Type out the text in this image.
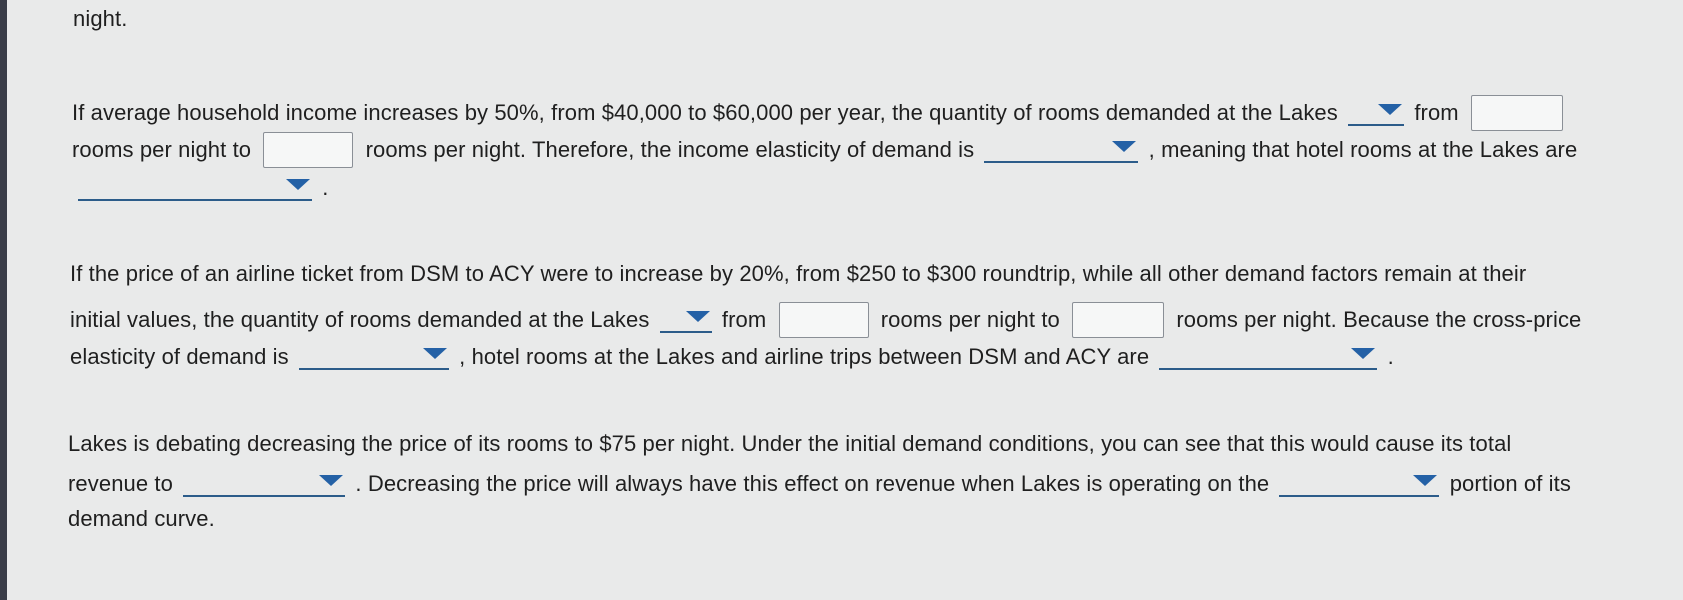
night.
If average household income increases by 50%, from $40,000 to $60,000 per year, the quantity of rooms demanded at the Lakes	from
rooms per night to	rooms per night. Therefore, the income elasticity of demand is	, meaning that hotel rooms at the Lakes are
.
If the price of an airline ticket from DSM to ACY were to increase by 20%, from $250 to $300 roundtrip, while all other demand factors remain at their
initial values, the quantity of rooms demanded at the Lakes	from	rooms per night to	rooms per night. Because the cross-price
elasticity of demand is	, hotel rooms at the Lakes and airline trips between DSM and ACY are	.
Lakes is debating decreasing the price of its rooms to $75 per night. Under the initial demand conditions, you can see that this would cause its total
revenue to	. Decreasing the price will always have this effect on revenue when Lakes is operating on the	portion of its
demand curve.
